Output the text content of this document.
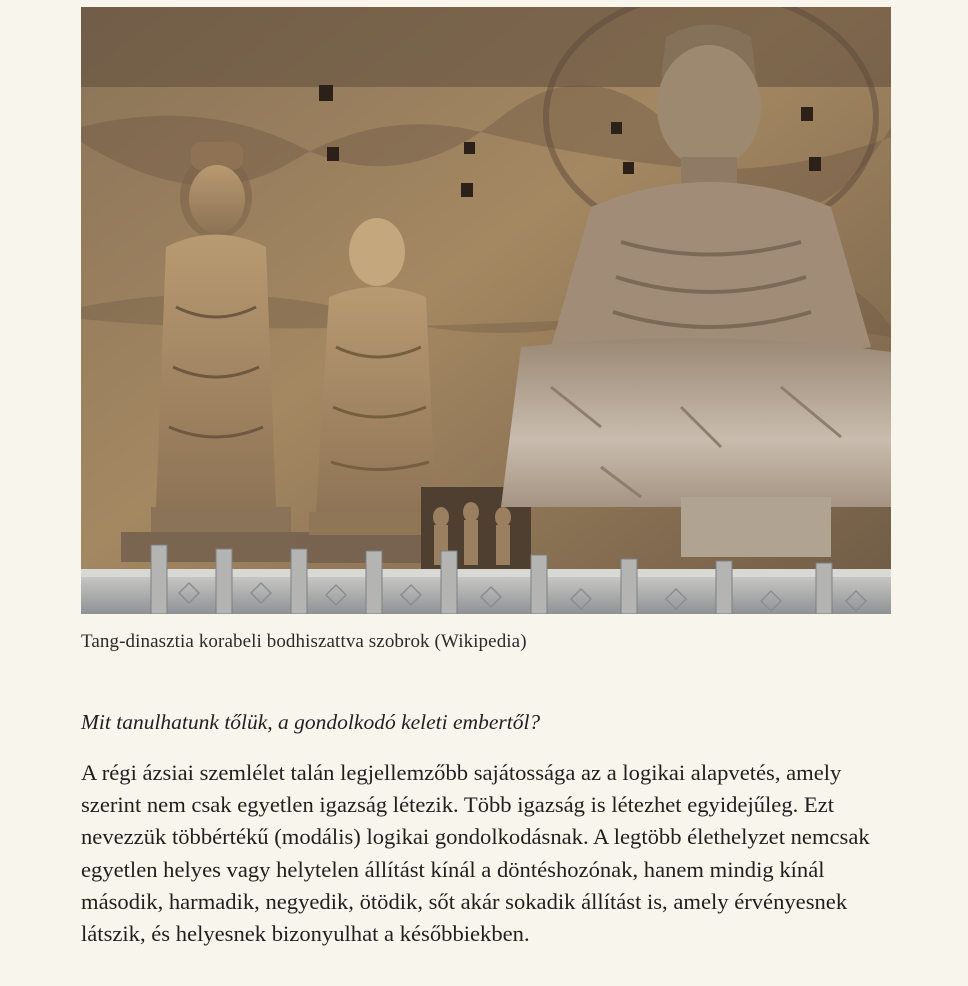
Tang-dinasztia korabeli bodhiszattva szobrok (Wikipedia)
Mit tanulhatunk tőlük, a gondolkodó keleti embertől?

A régi ázsiai szemlélet talán legjellemzőbb sajátossága az a logikai alapvetés, amely szerint nem csak egyetlen igazság létezik. Több igazság is létezhet egyidejűleg. Ezt nevezzük többértékű (modális) logikai gondolkodásnak. A legtöbb élethelyzet nemcsak egyetlen helyes vagy helytelen állítást kínál a döntéshozónak, hanem mindig kínál második, harmadik, negyedik, ötödik, sőt akár sokadik állítást is, amely érvényesnek látszik, és helyesnek bizonyulhat a későbbiekben.
